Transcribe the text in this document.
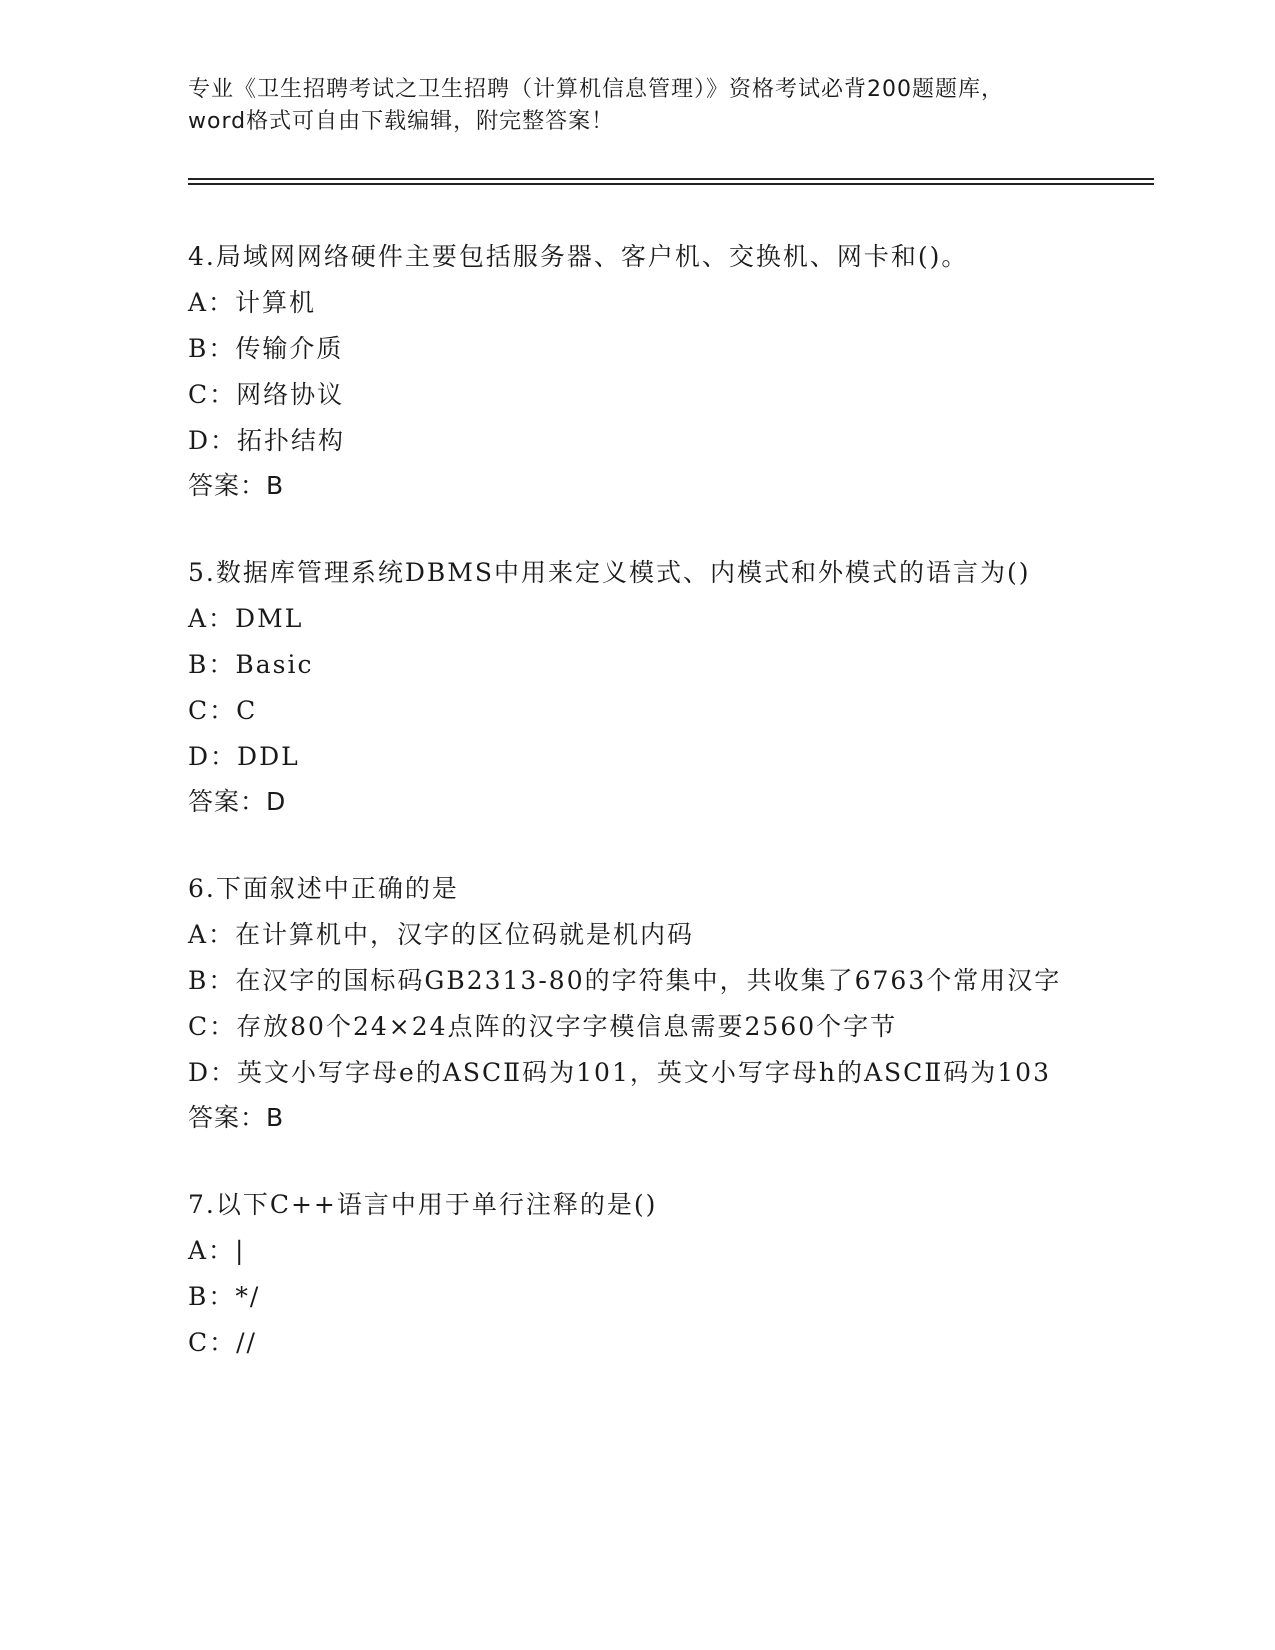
专业《卫生招聘考试之卫生招聘（计算机信息管理）》资格考试必背200题题库，
word格式可自由下载编辑，附完整答案！
4.局域网网络硬件主要包括服务器、客户机、交换机、网卡和()。
A：计算机
B：传输介质
C：网络协议
D：拓扑结构
答案：B
5.数据库管理系统DBMS中用来定义模式、内模式和外模式的语言为()
A：DML
B：Basic
C：C
D：DDL
答案：D
6.下面叙述中正确的是
A：在计算机中，汉字的区位码就是机内码
B：在汉字的国标码GB2313-80的字符集中，共收集了6763个常用汉字
C：存放80个24×24点阵的汉字字模信息需要2560个字节
D：英文小写字母e的ASCⅡ码为101，英文小写字母h的ASCⅡ码为103
答案：B
7.以下C++语言中用于单行注释的是()
A：|
B：*/
C：//
